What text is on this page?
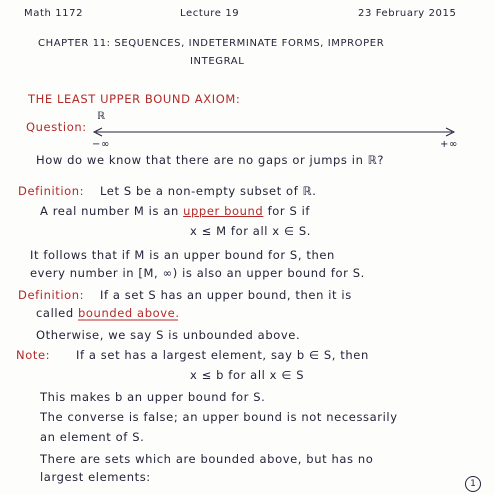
Math 1172	Lecture 19	23 February 2015
CHAPTER 11: SEQUENCES, INDETERMINATE FORMS, IMPROPER
INTEGRAL
THE LEAST UPPER BOUND AXIOM:
Question:
ℝ
−∞	+∞
How do we know that there are no gaps or jumps in ℝ?
Definition: Let S be a non-empty subset of ℝ.
A real number M is an upper bound for S if
x ≤ M for all x ∈ S.
It follows that if M is an upper bound for S, then
every number in [M, ∞) is also an upper bound for S.
Definition: If a set S has an upper bound, then it is
called bounded above.
Otherwise, we say S is unbounded above.
Note: If a set has a largest element, say b ∈ S, then
x ≤ b for all x ∈ S
This makes b an upper bound for S.
The converse is false; an upper bound is not necessarily
an element of S.
There are sets which are bounded above, but has no
largest elements:	1
